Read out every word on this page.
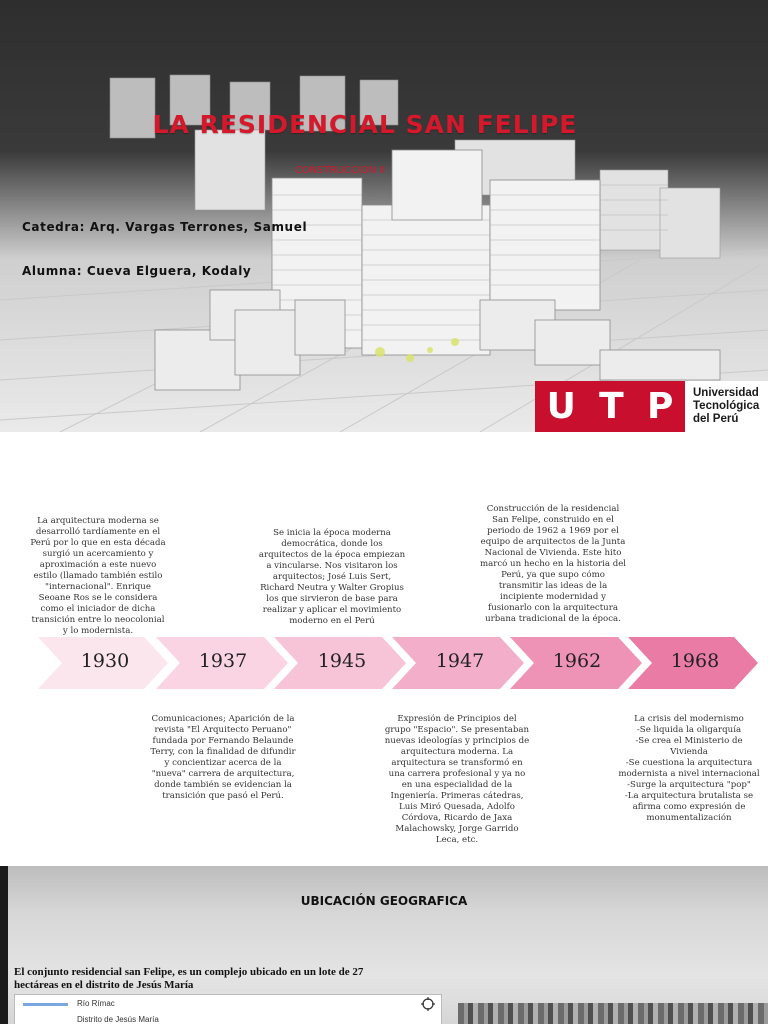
LA RESIDENCIAL SAN FELIPE
CONSTRUCCION II
Catedra: Arq. Vargas Terrones, Samuel
Alumna: Cueva Elguera, Kodaly
U T P Universidad
Tecnológica
del Perú
La arquitectura moderna se desarrolló tardíamente en el Perú por lo que en esta década surgió un acercamiento y aproximación a este nuevo estilo (llamado también estilo "internacional". Enrique Seoane Ros se le considera como el iniciador de dicha transición entre lo neocolonial y lo modernista.
Se inicia la época moderna democrática, donde los arquitectos de la época empiezan a vincularse. Nos visitaron los arquitectos; José Luis Sert, Richard Neutra y Walter Gropius los que sirvieron de base para realizar y aplicar el movimiento moderno en el Perú
Construcción de la residencial San Felipe, construido en el periodo de 1962 a 1969 por el equipo de arquitectos de la Junta Nacional de Vivienda. Este hito marcó un hecho en la historia del Perú, ya que supo cómo transmitir las ideas de la incipiente modernidad y fusionarlo con la arquitectura urbana tradicional de la época.
1930	1937	1945	1947	1962	1968
Comunicaciones; Aparición de la revista "El Arquitecto Peruano" fundada por Fernando Belaunde Terry, con la finalidad de difundir y concientizar acerca de la "nueva" carrera de arquitectura, donde también se evidencian la transición que pasó el Perú.
Expresión de Principios del grupo "Espacio". Se presentaban nuevas ideologías y principios de arquitectura moderna. La arquitectura se transformó en una carrera profesional y ya no en una especialidad de la Ingeniería. Primeras cátedras, Luis Miró Quesada, Adolfo Córdova, Ricardo de Jaxa Malachowsky, Jorge Garrido Leca, etc.
La crisis del modernismo
-Se liquida la oligarquía
-Se crea el Ministerio de Vivienda
-Se cuestiona la arquitectura modernista a nivel internacional
-Surge la arquitectura "pop"
-La arquitectura brutalista se afirma como expresión de monumentalización
UBICACIÓN GEOGRAFICA
El conjunto residencial san Felipe, es un complejo ubicado en un lote de 27 hectáreas en el distrito de Jesús María
Río Rímac
Distrito de Jesús María
